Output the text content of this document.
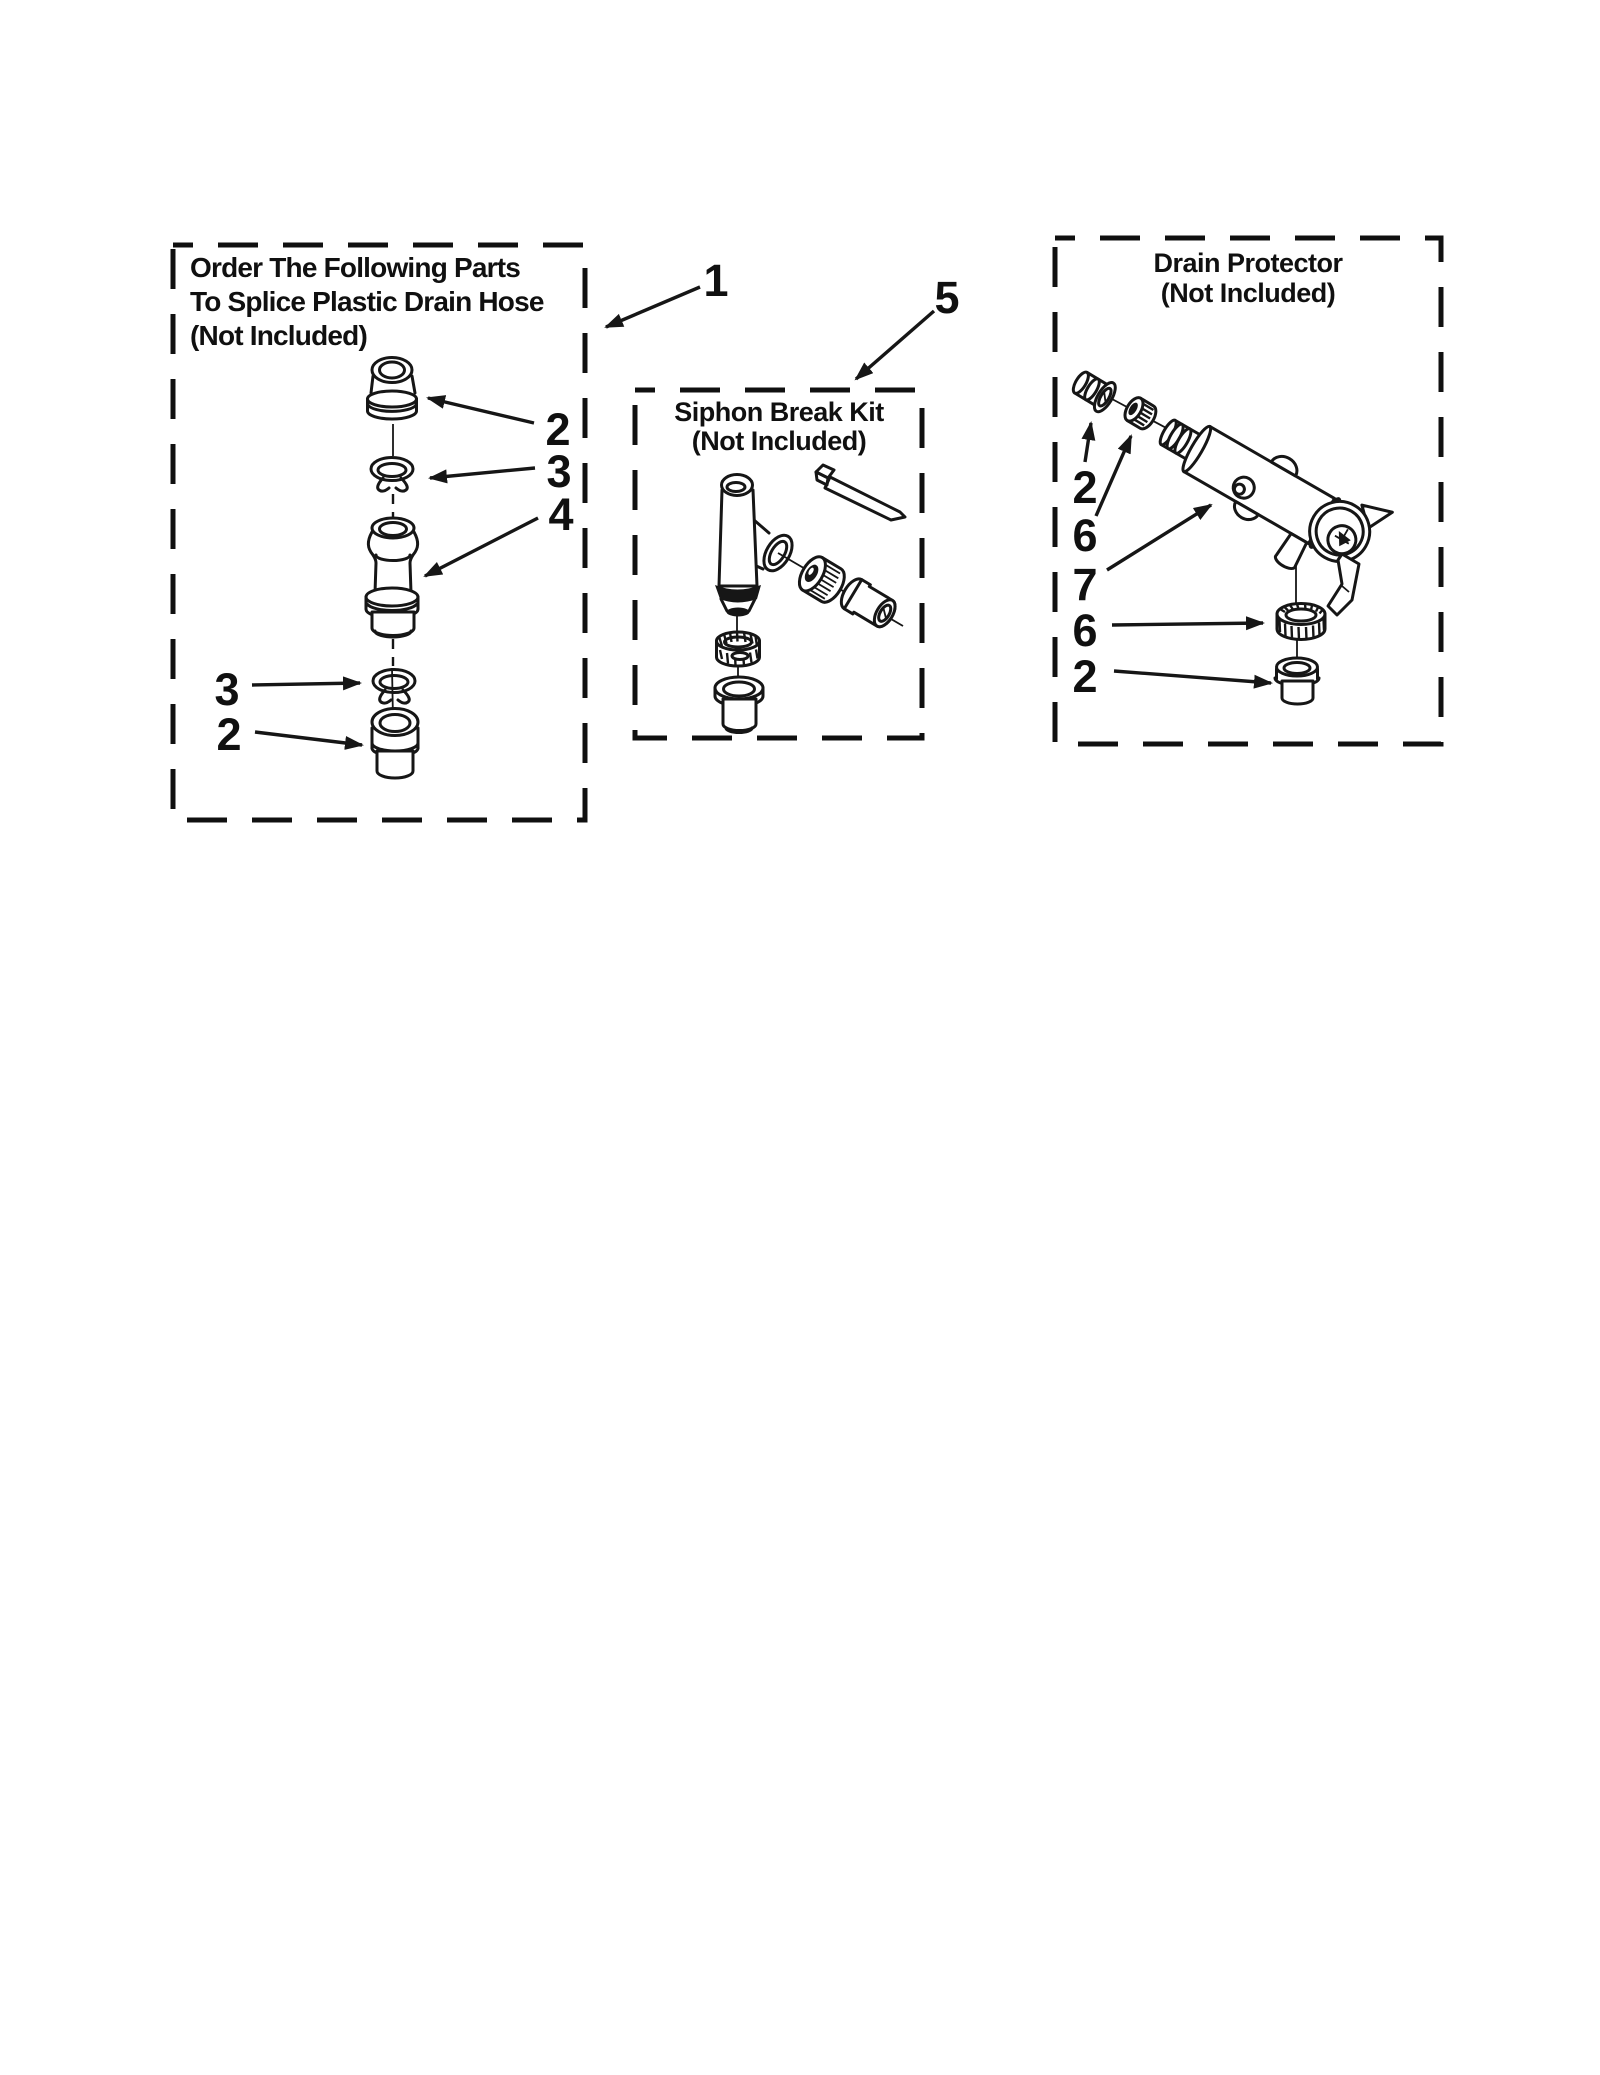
Order The Following Parts
To Splice Plastic Drain Hose
(Not Included)
2
3
4
3
2
1	5
Siphon Break Kit
(Not Included)
Drain Protector
(Not Included)
2
6
7
6
2
